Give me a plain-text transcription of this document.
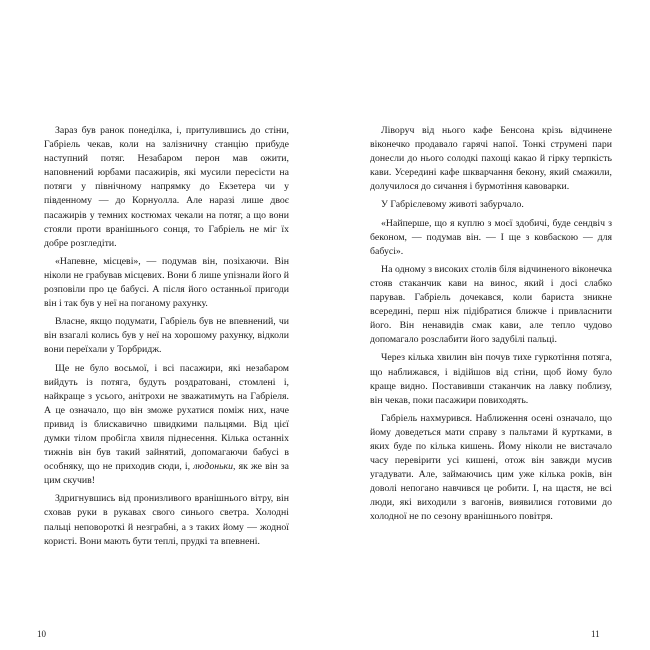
Зараз був ранок понеділка, і, притулившись до стіни, Габріель чекав, коли на залізничну станцію прибуде наступний потяг. Незабаром перон мав ожити, наповнений юрбами пасажирів, які мусили пересісти на потяги у північному напрямку до Екзетера чи у південному — до Корнуолла. Але наразі лише двоє пасажирів у темних костюмах чекали на потяг, а що вони стояли проти вранішнього сонця, то Габріель не міг їх добре розгледіти.

«Напевне, місцеві», — подумав він, позіхаючи. Він ніколи не грабував місцевих. Вони б лише упізнали його й розповіли про це бабусі. А після його останньої пригоди він і так був у неї на поганому рахунку.

Власне, якщо подумати, Габріель був не впевнений, чи він взагалі колись був у неї на хорошому рахунку, відколи вони переїхали у Торбридж.

Ще не було восьмої, і всі пасажири, які незабаром вийдуть із потяга, будуть роздратовані, стомлені і, найкраще з усього, анітрохи не зважатимуть на Габріеля. А це означало, що він зможе рухатися поміж них, наче привид із блискавично швидкими пальцями. Від цієї думки тілом пробігла хвиля піднесення. Кілька останніх тижнів він був такий зайнятий, допомагаючи бабусі в особняку, що не приходив сюди, і, людоньки, як же він за цим скучив!

Здригнувшись від пронизливого вранішнього вітру, він сховав руки в рукавах свого синього светра. Холодні пальці неповороткі й незграбні, а з таких йому — жодної користі. Вони мають бути теплі, прудкі та впевнені.

10

Ліворуч від нього кафе Бенсона крізь відчинене віконечко продавало гарячі напої. Тонкі струмені пари донесли до нього солодкі пахощі какао й гірку терпкість кави. Усередині кафе шкварчання бекону, який смажили, долучилося до сичання і бурмотіння кавоварки.

У Габрієлевому животі забурчало.

«Найперше, що я куплю з моєї здобичі, буде сендвіч з беконом, — подумав він. — І ще з ковбаскою — для бабусі».

На одному з високих столів біля відчиненого віконечка стояв стаканчик кави на винос, який і досі слабко парував. Габріель дочекався, коли бариста зникне всередині, перш ніж підібратися ближче і привласнити його. Він ненавидів смак кави, але тепло чудово допомагало розслабити його задубілі пальці.

Через кілька хвилин він почув тихе гуркотіння потяга, що наближався, і відійшов від стіни, щоб йому було краще видно. Поставивши стаканчик на лавку поблизу, він чекав, поки пасажири повиходять.

Габріель нахмурився. Наближення осені означало, що йому доведеться мати справу з пальтами й куртками, в яких буде по кілька кишень. Йому ніколи не вистачало часу перевірити усі кишені, отож він завжди мусив угадувати. Але, займаючись цим уже кілька років, він доволі непогано навчився це робити. І, на щастя, не всі люди, які виходили з вагонів, виявилися готовими до холодної не по сезону вранішнього повітря.

11
